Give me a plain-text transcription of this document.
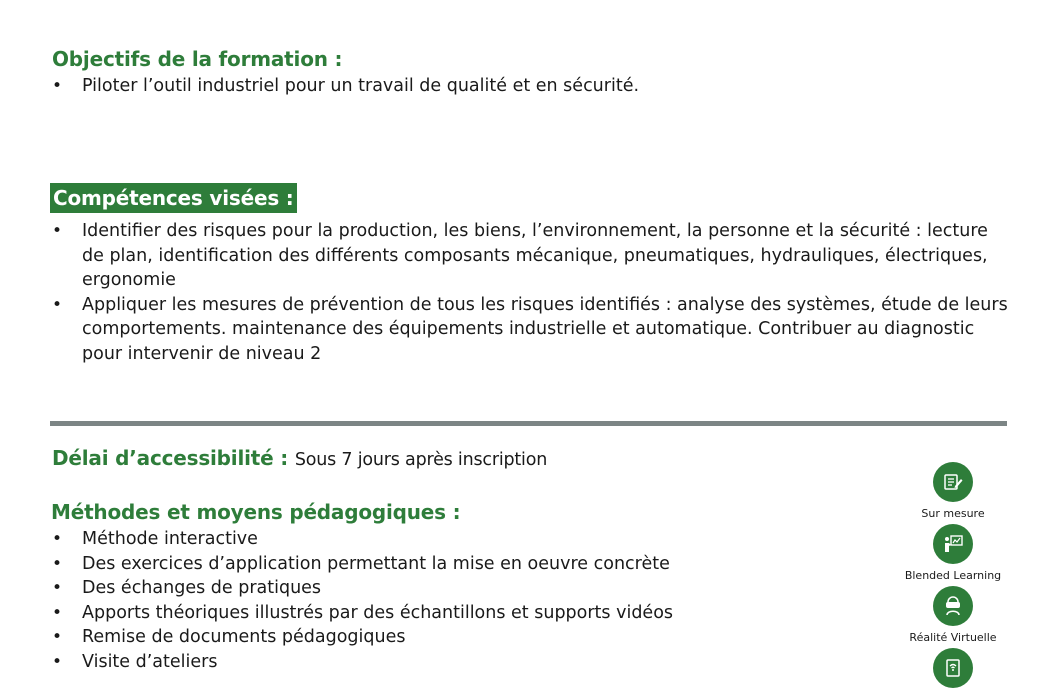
Objectifs de la formation :
• Piloter l’outil industriel pour un travail de qualité et en sécurité.
Compétences visées :
• Identifier des risques pour la production, les biens, l’environnement, la personne et la sécurité : lecture de plan, identification des différents composants mécanique, pneumatiques, hydrauliques, électriques, ergonomie
• Appliquer les mesures de prévention de tous les risques identifiés : analyse des systèmes, étude de leurs comportements. maintenance des équipements industrielle et automatique. Contribuer au diagnostic pour intervenir de niveau 2
Délai d’accessibilité : Sous 7 jours après inscription
Méthodes et moyens pédagogiques :
• Méthode interactive
• Des exercices d’application permettant la mise en oeuvre concrète
• Des échanges de pratiques
• Apports théoriques illustrés par des échantillons et supports vidéos
• Remise de documents pédagogiques
• Visite d’ateliers
Sur mesure
Blended Learning
Réalité Virtuelle
